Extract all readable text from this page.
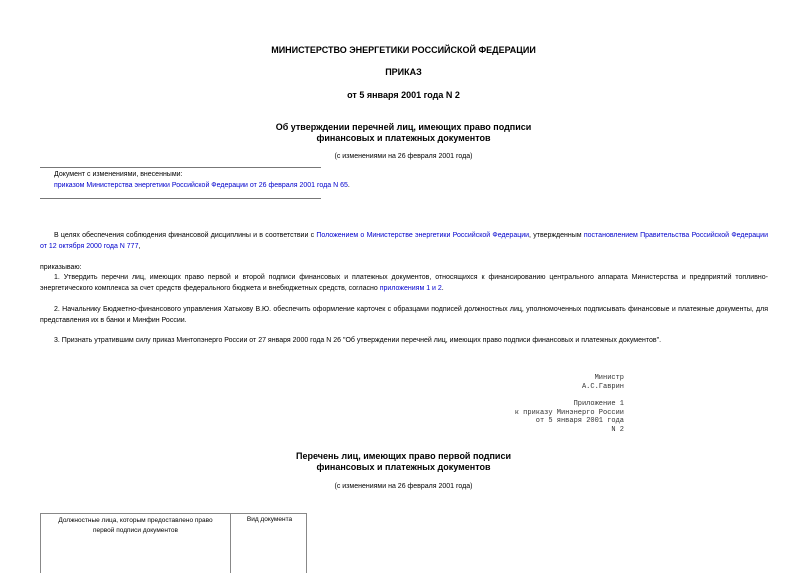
МИНИСТЕРСТВО ЭНЕРГЕТИКИ РОССИЙСКОЙ ФЕДЕРАЦИИ
ПРИКАЗ
от 5 января 2001 года N 2
Об утверждении перечней лиц, имеющих право подписи
финансовых и платежных документов
(с изменениями на 26 февраля 2001 года)
Документ с изменениями, внесенными:
приказом Министерства энергетики Российской Федерации от 26 февраля 2001 года N 65.
В целях обеспечения соблюдения финансовой дисциплины и в соответствии с Положением о Министерстве энергетики Российской Федерации, утвержденным постановлением Правительства Российской Федерации от 12 октября 2000 года N 777,
приказываю:
1. Утвердить перечни лиц, имеющих право первой и второй подписи финансовых и платежных документов, относящихся к финансированию центрального аппарата Министерства и предприятий топливно-энергетического комплекса за счет средств федерального бюджета и внебюджетных средств, согласно приложениям 1 и 2.
2. Начальнику Бюджетно-финансового управления Хатькову В.Ю. обеспечить оформление карточек с образцами подписей должностных лиц, уполномоченных подписывать финансовые и платежные документы, для представления их в банки и Минфин России.
3. Признать утратившим силу приказ Минтопэнерго России от 27 января 2000 года N 26 "Об утверждении перечней лиц, имеющих право подписи финансовых и платежных документов".
Министр
А.С.Гаврин
Приложение 1
к приказу Минэнерго России
от 5 января 2001 года
N 2
Перечень лиц, имеющих право первой подписи
финансовых и платежных документов
(с изменениями на 26 февраля 2001 года)
Должностные лица, которым предоставлено право
первой подписи документов
Вид документа
